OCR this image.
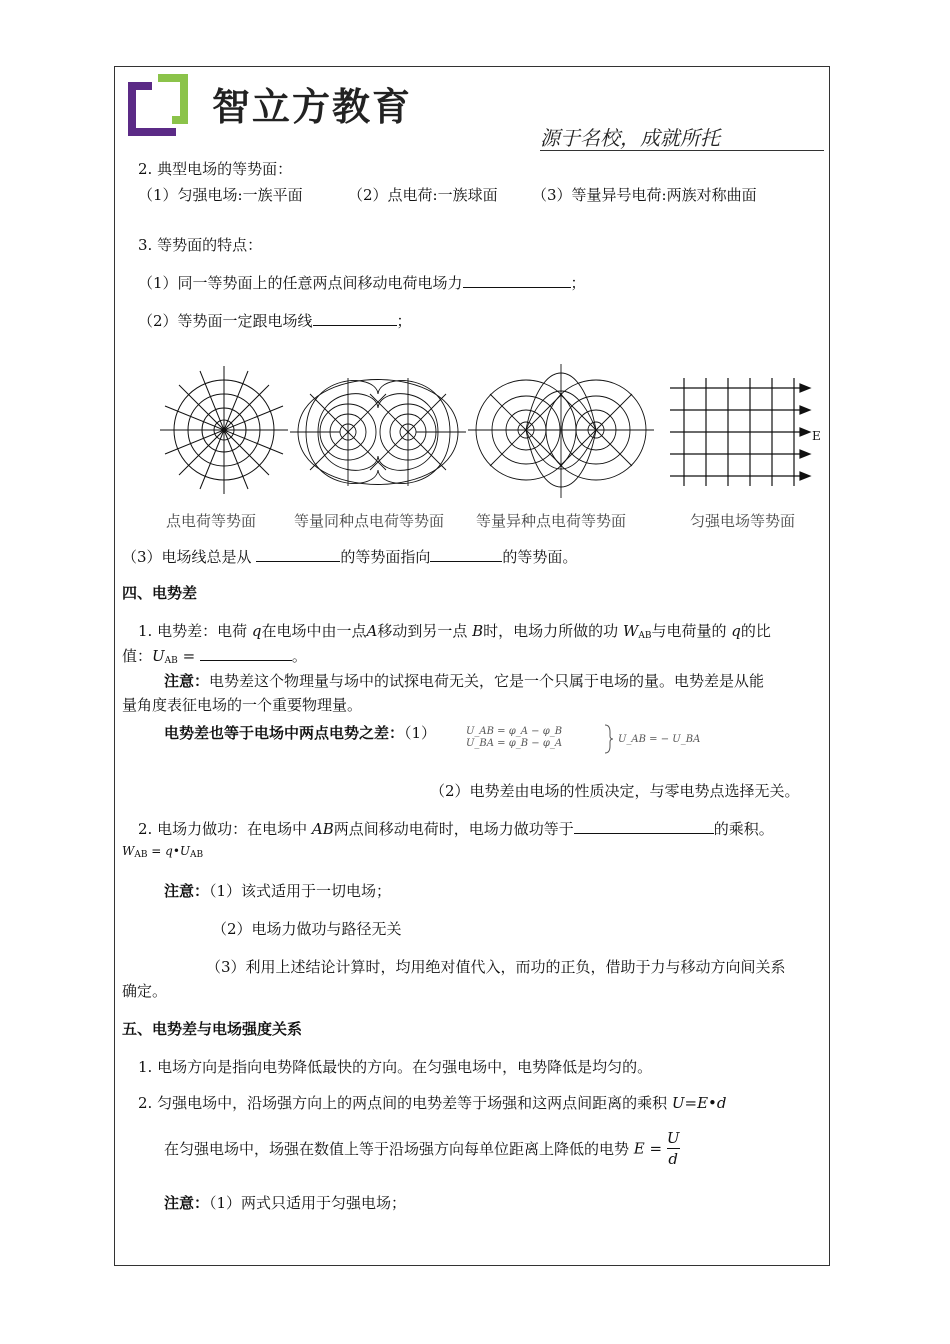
智立方教育
源于名校，成就所托
2. 典型电场的等势面：
（1）匀强电场:一族平面	（2）点电荷:一族球面 （3）等量异号电荷:两族对称曲面
3. 等势面的特点：
（1）同一等势面上的任意两点间移动电荷电场力	；
（2）等势面一定跟电场线	；
E
点电荷等势面	等量同种点电荷等势面 等量异种点电荷等势面	匀强电场等势面
（3）电场线总是从	的等势面指向	的等势面。
四、电势差
1. 电势差：电荷 q在电场中由一点A移动到另一点 B时，电场力所做的功 $W_{AB}$与电荷量的 q的比
值：$U_{AB}$ =	。
注意：电势差这个物理量与场中的试探电荷无关，它是一个只属于电场的量。电势差是从能
量角度表征电场的一个重要物理量。
电势差也等于电场中两点电势之差：（1）	U_AB = φ_A − φ_B
U_BA = φ_B − φ_A	U_AB = − U_BA
（2）电势差由电场的性质决定，与零电势点选择无关。
2. 电场力做功：在电场中 AB两点间移动电荷时，电场力做功等于	的乘积。
$W_{AB}$ = $q•U_{AB}$
注意：（1）该式适用于一切电场；
（2）电场力做功与路径无关
（3）利用上述结论计算时，均用绝对值代入，而功的正负，借助于力与移动方向间关系
确定。
五、电势差与电场强度关系
1. 电场方向是指向电势降低最快的方向。在匀强电场中，电势降低是均匀的。
2. 匀强电场中，沿场强方向上的两点间的电势差等于场强和这两点间距离的乘积 U=E•d
在匀强电场中，场强在数值上等于沿场强方向每单位距离上降低的电势 $E = \frac{U}{d}$
注意：（1）两式只适用于匀强电场；
